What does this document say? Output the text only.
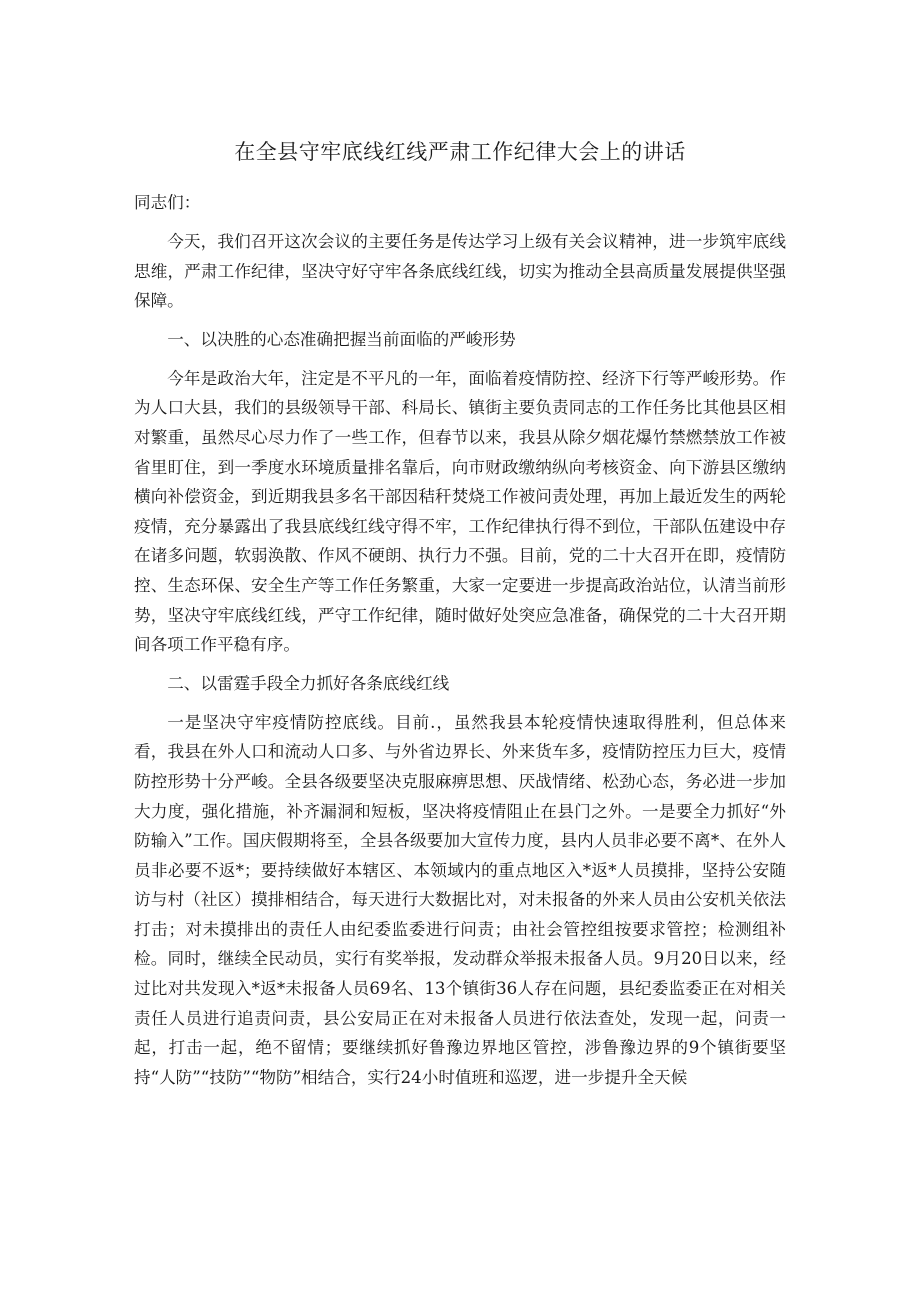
在全县守牢底线红线严肃工作纪律大会上的讲话

同志们：

今天，我们召开这次会议的主要任务是传达学习上级有关会议精神，进一步筑牢底线思维，严肃工作纪律，坚决守好守牢各条底线红线，切实为推动全县高质量发展提供坚强保障。

一、以决胜的心态准确把握当前面临的严峻形势

今年是政治大年，注定是不平凡的一年，面临着疫情防控、经济下行等严峻形势。作为人口大县，我们的县级领导干部、科局长、镇街主要负责同志的工作任务比其他县区相对繁重，虽然尽心尽力作了一些工作，但春节以来，我县从除夕烟花爆竹禁燃禁放工作被省里盯住，到一季度水环境质量排名靠后，向市财政缴纳纵向考核资金、向下游县区缴纳横向补偿资金，到近期我县多名干部因秸秆焚烧工作被问责处理，再加上最近发生的两轮疫情，充分暴露出了我县底线红线守得不牢，工作纪律执行得不到位，干部队伍建设中存在诸多问题，软弱涣散、作风不硬朗、执行力不强。目前，党的二十大召开在即，疫情防控、生态环保、安全生产等工作任务繁重，大家一定要进一步提高政治站位，认清当前形势，坚决守牢底线红线，严守工作纪律，随时做好处突应急准备，确保党的二十大召开期间各项工作平稳有序。

二、以雷霆手段全力抓好各条底线红线

一是坚决守牢疫情防控底线。目前.，虽然我县本轮疫情快速取得胜利，但总体来看，我县在外人口和流动人口多、与外省边界长、外来货车多，疫情防控压力巨大，疫情防控形势十分严峻。全县各级要坚决克服麻痹思想、厌战情绪、松劲心态，务必进一步加大力度，强化措施，补齐漏洞和短板，坚决将疫情阻止在县门之外。一是要全力抓好“外防输入”工作。国庆假期将至，全县各级要加大宣传力度，县内人员非必要不离*、在外人员非必要不返*；要持续做好本辖区、本领域内的重点地区入*返*人员摸排，坚持公安随访与村（社区）摸排相结合，每天进行大数据比对，对未报备的外来人员由公安机关依法打击；对未摸排出的责任人由纪委监委进行问责；由社会管控组按要求管控；检测组补检。同时，继续全民动员，实行有奖举报，发动群众举报未报备人员。9月20日以来，经过比对共发现入*返*未报备人员69名、13个镇街36人存在问题，县纪委监委正在对相关责任人员进行追责问责，县公安局正在对未报备人员进行依法查处，发现一起，问责一起，打击一起，绝不留情；要继续抓好鲁豫边界地区管控，涉鲁豫边界的9个镇街要坚持“人防”“技防”“物防”相结合，实行24小时值班和巡逻，进一步提升全天候
